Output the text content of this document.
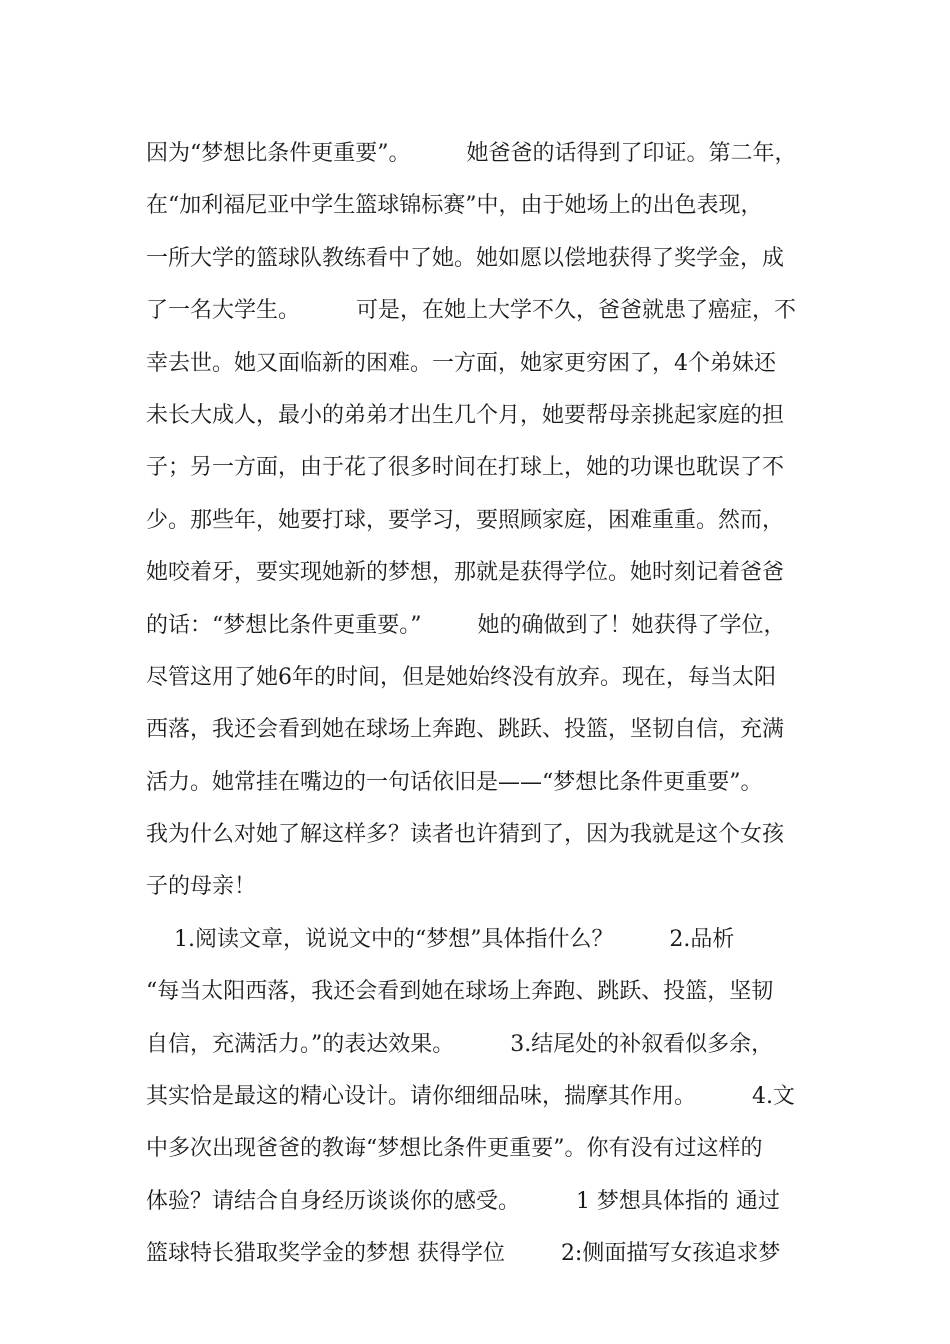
因为“梦想比条件更重要”。        她爸爸的话得到了印证。第二年，
在“加利福尼亚中学生篮球锦标赛”中，由于她场上的出色表现，
一所大学的篮球队教练看中了她。她如愿以偿地获得了奖学金，成
了一名大学生。        可是，在她上大学不久，爸爸就患了癌症，不
幸去世。她又面临新的困难。一方面，她家更穷困了，4个弟妹还
未长大成人，最小的弟弟才出生几个月，她要帮母亲挑起家庭的担
子；另一方面，由于花了很多时间在打球上，她的功课也耽误了不
少。那些年，她要打球，要学习，要照顾家庭，困难重重。然而，
她咬着牙，要实现她新的梦想，那就是获得学位。她时刻记着爸爸
的话：“梦想比条件更重要。”        她的确做到了！她获得了学位，
尽管这用了她6年的时间，但是她始终没有放弃。现在，每当太阳
西落，我还会看到她在球场上奔跑、跳跃、投篮，坚韧自信，充满
活力。她常挂在嘴边的一句话依旧是——“梦想比条件更重要”。
我为什么对她了解这样多？读者也许猜到了，因为我就是这个女孩
子的母亲！
1.阅读文章，说说文中的“梦想”具体指什么？        2.品析
“每当太阳西落，我还会看到她在球场上奔跑、跳跃、投篮，坚韧
自信，充满活力。”的表达效果。        3.结尾处的补叙看似多余，
其实恰是最这的精心设计。请你细细品味，揣摩其作用。        4.文
中多次出现爸爸的教诲“梦想比条件更重要”。你有没有过这样的
体验？请结合自身经历谈谈你的感受。        1 梦想具体指的 通过
篮球特长猎取奖学金的梦想 获得学位        2:侧面描写女孩追求梦
